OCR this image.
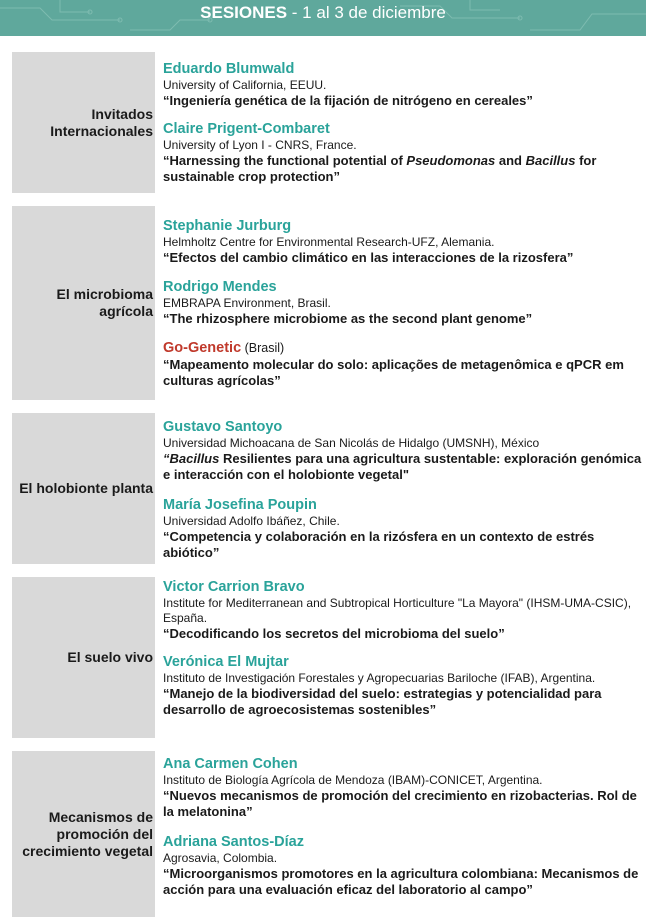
SESIONES - 1 al 3 de diciembre
Invitados Internacionales
Eduardo Blumwald
University of California, EEUU.
“Ingeniería genética de la fijación de nitrógeno en cereales”
Claire Prigent-Combaret
University of Lyon I - CNRS, France.
“Harnessing the functional potential of Pseudomonas and Bacillus for sustainable crop protection”
El microbioma agrícola
Stephanie Jurburg
Helmholtz Centre for Environmental Research-UFZ, Alemania.
“Efectos del cambio climático en las interacciones de la rizosfera”
Rodrigo Mendes
EMBRAPA Environment, Brasil.
“The rhizosphere microbiome as the second plant genome”
Go-Genetic (Brasil)
“Mapeamento molecular do solo: aplicações de metagenômica e qPCR em culturas agrícolas”
El holobionte planta
Gustavo Santoyo
Universidad Michoacana de San Nicolás de Hidalgo (UMSNH), México
“Bacillus Resilientes para una agricultura sustentable: exploración genómica e interacción con el holobionte vegetal"
María Josefina Poupin
Universidad Adolfo Ibáñez, Chile.
“Competencia y colaboración en la rizósfera en un contexto de estrés abiótico”
El suelo vivo
Victor Carrion Bravo
Institute for Mediterranean and Subtropical Horticulture "La Mayora" (IHSM-UMA-CSIC), España.
“Decodificando los secretos del microbioma del suelo”
Verónica El Mujtar
Instituto de Investigación Forestales y Agropecuarias Bariloche (IFAB), Argentina.
“Manejo de la biodiversidad del suelo: estrategias y potencialidad para desarrollo de agroecosistemas sostenibles”
Mecanismos de promoción del crecimiento vegetal
Ana Carmen Cohen
Instituto de Biología Agrícola de Mendoza (IBAM)-CONICET, Argentina.
“Nuevos mecanismos de promoción del crecimiento en rizobacterias. Rol de la melatonina”
Adriana Santos-Díaz
Agrosavia, Colombia.
“Microorganismos promotores en la agricultura colombiana: Mecanismos de acción para una evaluación eficaz del laboratorio al campo”
